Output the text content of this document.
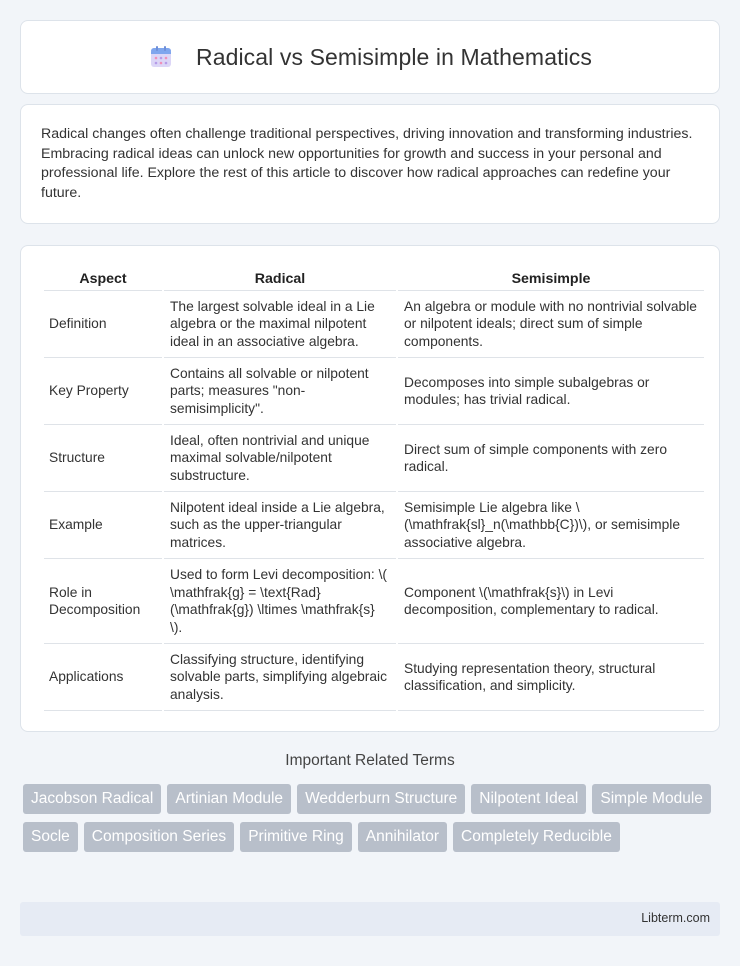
Radical vs Semisimple in Mathematics

Radical changes often challenge traditional perspectives, driving innovation and transforming industries. Embracing radical ideas can unlock new opportunities for growth and success in your personal and professional life. Explore the rest of this article to discover how radical approaches can redefine your future.

Aspect	Radical	Semisimple
Definition	The largest solvable ideal in a Lie algebra or the maximal nilpotent ideal in an associative algebra.	An algebra or module with no nontrivial solvable or nilpotent ideals; direct sum of simple components.
Key Property	Contains all solvable or nilpotent parts; measures "non-semisimplicity".	Decomposes into simple subalgebras or modules; has trivial radical.
Structure	Ideal, often nontrivial and unique maximal solvable/nilpotent substructure.	Direct sum of simple components with zero radical.
Example	Nilpotent ideal inside a Lie algebra, such as the upper-triangular matrices.	Semisimple Lie algebra like \(\mathfrak{sl}_n(\mathbb{C})\), or semisimple associative algebra.
Role in Decomposition	Used to form Levi decomposition: \( \mathfrak{g} = \text{Rad}(\mathfrak{g}) \ltimes \mathfrak{s} \).	Component \(\mathfrak{s}\) in Levi decomposition, complementary to radical.
Applications	Classifying structure, identifying solvable parts, simplifying algebraic analysis.	Studying representation theory, structural classification, and simplicity.
Important Related Terms
Jacobson Radical	Artinian Module	Wedderburn Structure	Nilpotent Ideal	Simple Module
Socle	Composition Series	Primitive Ring	Annihilator	Completely Reducible
Libterm.com
